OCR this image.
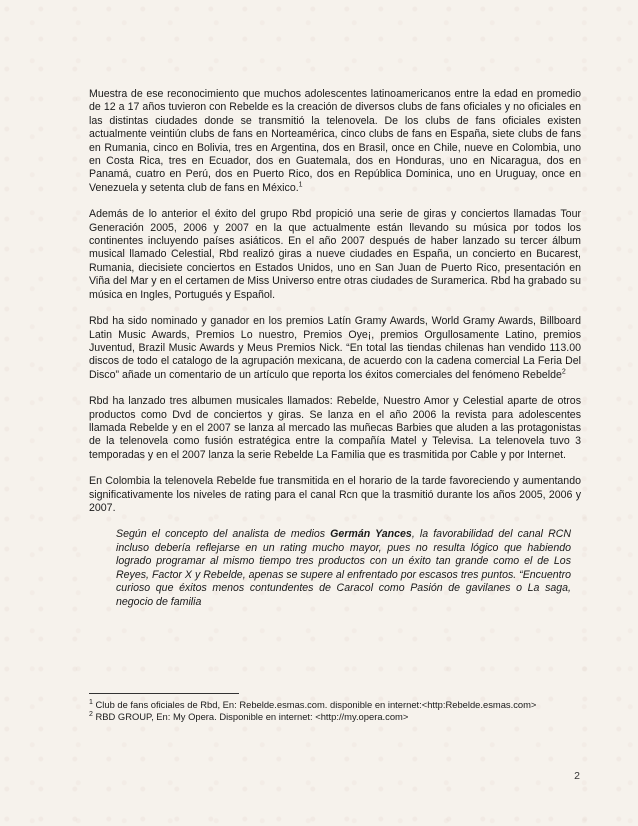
Muestra de ese reconocimiento que muchos adolescentes latinoamericanos entre la edad en promedio de 12 a 17 años tuvieron con Rebelde es la creación de diversos clubs de fans oficiales y no oficiales en las distintas ciudades donde se transmitió la telenovela. De los clubs de fans oficiales existen actualmente veintiún clubs de fans en Norteamérica, cinco clubs de fans en España, siete clubs de fans en Rumania, cinco en Bolivia, tres en Argentina, dos en Brasil, once en Chile, nueve en Colombia, uno en Costa Rica, tres en Ecuador, dos en Guatemala, dos en Honduras, uno en Nicaragua, dos en Panamá, cuatro en Perú, dos en Puerto Rico, dos en República Dominica, uno en Uruguay, once en Venezuela y setenta club de fans en México.$^1$

Además de lo anterior el éxito del grupo Rbd propició una serie de giras y conciertos llamadas Tour Generación 2005, 2006 y 2007 en la que actualmente están llevando su música por todos los continentes incluyendo países asiáticos. En el año 2007 después de haber lanzado su tercer álbum musical llamado Celestial, Rbd realizó giras a nueve ciudades en España, un concierto en Bucarest, Rumania, diecisiete conciertos en Estados Unidos, uno en San Juan de Puerto Rico, presentación en Viña del Mar y en el certamen de Miss Universo entre otras ciudades de Suramerica. Rbd ha grabado su música en Ingles, Portugués y Español.

Rbd ha sido nominado y ganador en los premios Latín Gramy Awards, World Gramy Awards, Billboard Latin Music Awards, Premios Lo nuestro, Premios Oye¡, premios Orgullosamente Latino, premios Juventud, Brazil Music Awards y Meus Premios Nick. “En total las tiendas chilenas han vendido 113.00 discos de todo el catalogo de la agrupación mexicana, de acuerdo con la cadena comercial La Feria Del Disco” añade un comentario de un artículo que reporta los éxitos comerciales del fenómeno Rebelde$^2$

Rbd ha lanzado tres albumen musicales llamados: Rebelde, Nuestro Amor y Celestial aparte de otros productos como Dvd de conciertos y giras. Se lanza en el año 2006 la revista para adolescentes llamada Rebelde y en el 2007 se lanza al mercado las muñecas Barbies que aluden a las protagonistas de la telenovela como fusión estratégica entre la compañía Matel y Televisa. La telenovela tuvo 3 temporadas y en el 2007 lanza la serie Rebelde La Familia que es trasmitida por Cable y por Internet.

En Colombia la telenovela Rebelde fue transmitida en el horario de la tarde favoreciendo y aumentando significativamente los niveles de rating para el canal Rcn que la trasmitió durante los años 2005, 2006 y 2007.

Según el concepto del analista de medios Germán Yances, la favorabilidad del canal RCN incluso debería reflejarse en un rating mucho mayor, pues no resulta lógico que habiendo logrado programar al mismo tiempo tres productos con un éxito tan grande como el de Los Reyes, Factor X y Rebelde, apenas se supere al enfrentado por escasos tres puntos. “Encuentro curioso que éxitos menos contundentes de Caracol como Pasión de gavilanes o La saga, negocio de familia

$^1$ Club de fans oficiales de Rbd, En: Rebelde.esmas.com. disponible en internet:<http:Rebelde.esmas.com>
$^2$ RBD GROUP, En: My Opera. Disponible en internet: <http://my.opera.com>
2
